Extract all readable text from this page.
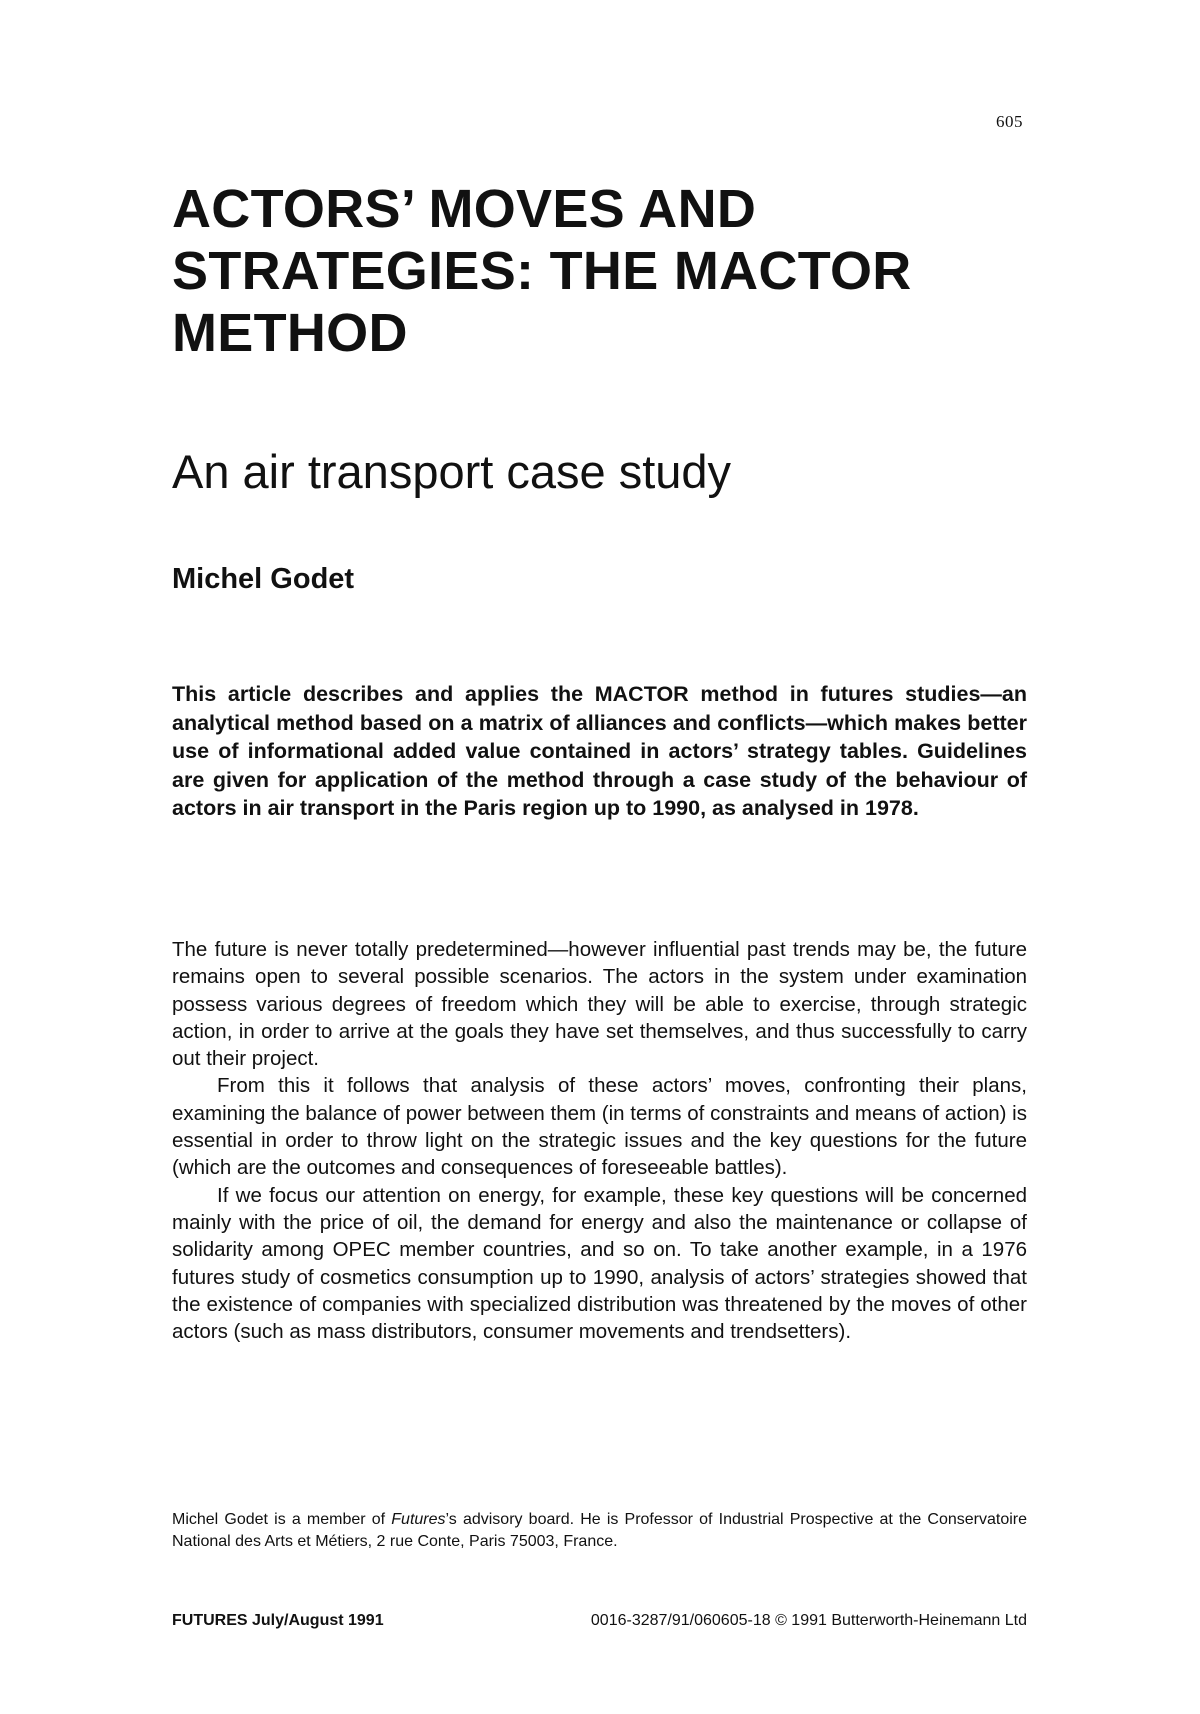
605
ACTORS’ MOVES AND
STRATEGIES: THE MACTOR
METHOD
An air transport case study
Michel Godet

This article describes and applies the MACTOR method in futures studies—an analytical method based on a matrix of alliances and conflicts—which makes better use of informational added value contained in actors’ strategy tables. Guidelines are given for application of the method through a case study of the behaviour of actors in air transport in the Paris region up to 1990, as analysed in 1978.

The future is never totally predetermined—however influential past trends may be, the future remains open to several possible scenarios. The actors in the system under examination possess various degrees of freedom which they will be able to exercise, through strategic action, in order to arrive at the goals they have set themselves, and thus successfully to carry out their project.

From this it follows that analysis of these actors’ moves, confronting their plans, examining the balance of power between them (in terms of constraints and means of action) is essential in order to throw light on the strategic issues and the key questions for the future (which are the outcomes and consequences of foreseeable battles).

If we focus our attention on energy, for example, these key questions will be concerned mainly with the price of oil, the demand for energy and also the maintenance or collapse of solidarity among OPEC member countries, and so on. To take another example, in a 1976 futures study of cosmetics consumption up to 1990, analysis of actors’ strategies showed that the existence of companies with specialized distribution was threatened by the moves of other actors (such as mass distributors, consumer movements and trendsetters).

Michel Godet is a member of Futures’s advisory board. He is Professor of Industrial Prospective at the Conservatoire National des Arts et Métiers, 2 rue Conte, Paris 75003, France.

FUTURES July/August 1991	0016-3287/91/060605-18 © 1991 Butterworth-Heinemann Ltd
